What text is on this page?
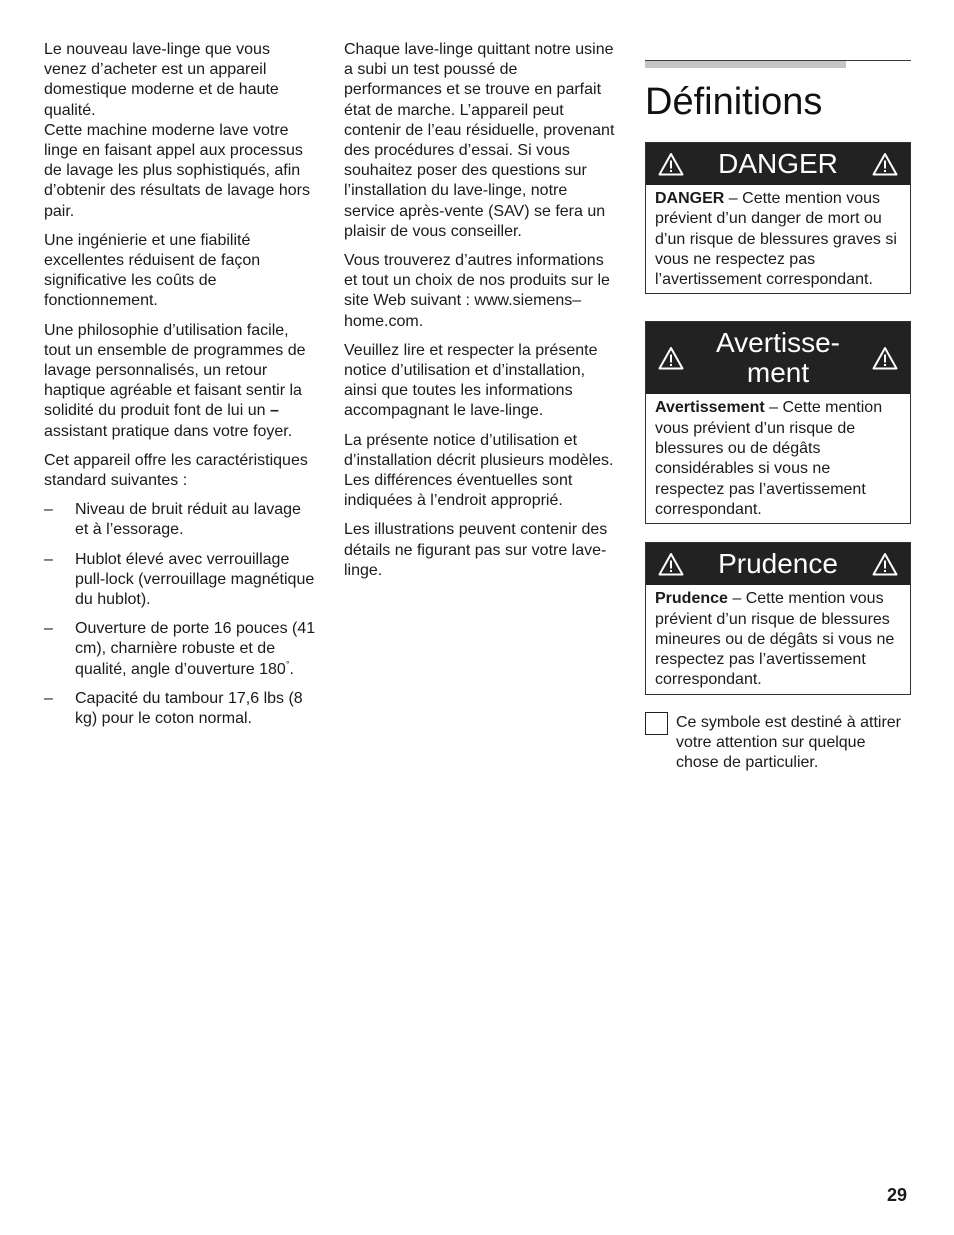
Le nouveau lave-linge que vous venez d’acheter est un appareil domestique moderne et de haute qualité.
Cette machine moderne lave votre linge en faisant appel aux processus de lavage les plus sophistiqués, afin d’obtenir des résultats de lavage hors pair.

Une ingénierie et une fiabilité excellentes réduisent de façon significative les coûts de fonctionnement.

Une philosophie d’utilisation facile, tout un ensemble de programmes de lavage personnalisés, un retour haptique agréable et faisant sentir la solidité du produit font de lui un –assistant pratique dans votre foyer.

Cet appareil offre les caractéristiques standard suivantes :

– Niveau de bruit réduit au lavage et à l’essorage.
– Hublot élevé avec verrouillage pull-lock (verrouillage magnétique du hublot).
– Ouverture de porte 16 pouces (41 cm), charnière robuste et de qualité, angle d’ouverture 180°.
– Capacité du tambour 17,6 lbs (8 kg) pour le coton normal.

Chaque lave-linge quittant notre usine a subi un test poussé de performances et se trouve en parfait état de marche. L’appareil peut contenir de l’eau résiduelle, provenant des procédures d’essai. Si vous souhaitez poser des questions sur l’installation du lave-linge, notre service après-vente (SAV) se fera un plaisir de vous conseiller.

Vous trouverez d’autres informations et tout un choix de nos produits sur le site Web suivant : www.siemens–home.com.

Veuillez lire et respecter la présente notice d’utilisation et d’installation, ainsi que toutes les informations accompagnant le lave-linge.

La présente notice d’utilisation et d’installation décrit plusieurs modèles. Les différences éventuelles sont indiquées à l’endroit approprié.

Les illustrations peuvent contenir des détails ne figurant pas sur votre lave-linge.

Définitions
DANGER
DANGER – Cette mention vous prévient d’un danger de mort ou d’un risque de blessures graves si vous ne respectez pas l’avertissement correspondant.
Avertisse-
ment
Avertissement – Cette mention vous prévient d’un risque de blessures ou de dégâts considérables si vous ne respectez pas l’avertissement correspondant.
Prudence
Prudence – Cette mention vous prévient d’un risque de blessures mineures ou de dégâts si vous ne respectez pas l’avertissement correspondant.
Ce symbole est destiné à attirer votre attention sur quelque chose de particulier.
29
